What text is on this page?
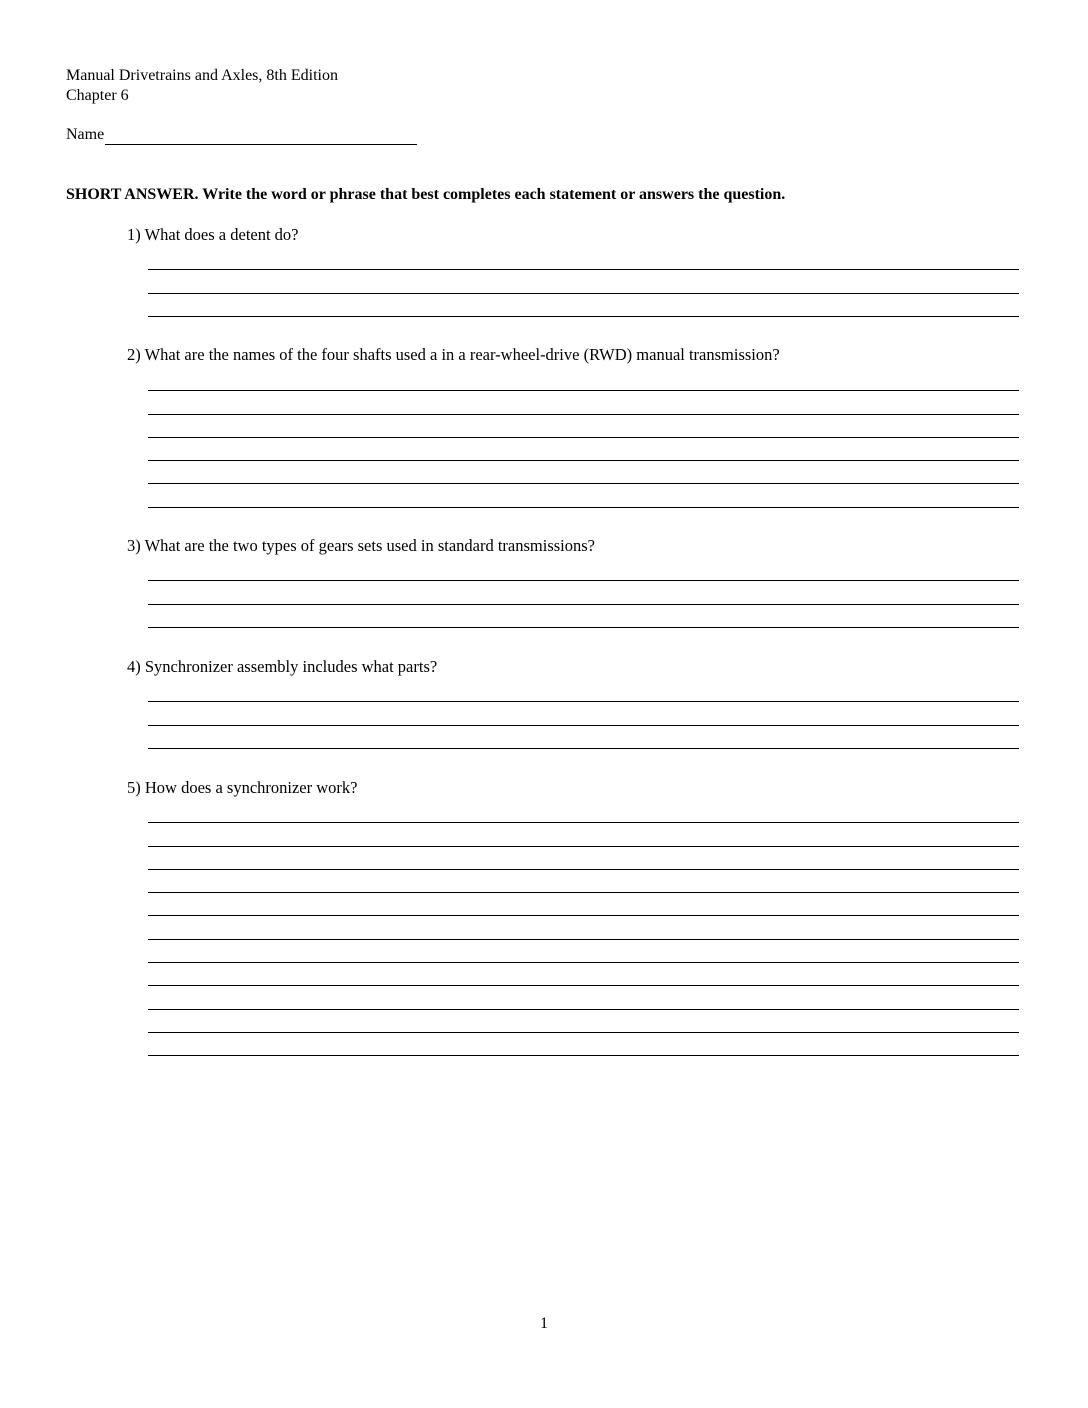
Manual Drivetrains and Axles, 8th Edition
Chapter 6
Name
SHORT ANSWER. Write the word or phrase that best completes each statement or answers the question.
1) What does a detent do?
2) What are the names of the four shafts used a in a rear-wheel-drive (RWD) manual transmission?
3) What are the two types of gears sets used in standard transmissions?
4) Synchronizer assembly includes what parts?
5) How does a synchronizer work?
1
